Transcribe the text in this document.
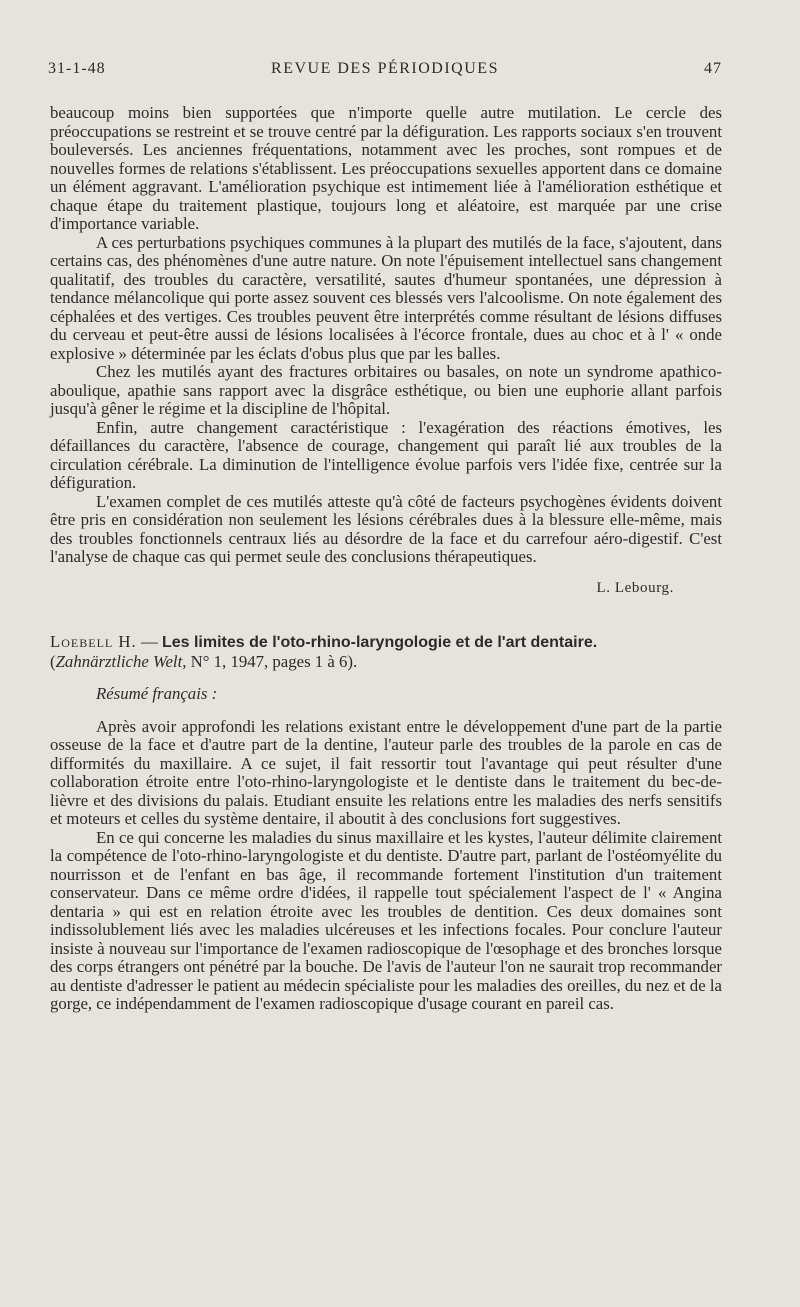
31-1-48	REVUE DES PÉRIODIQUES	47

beaucoup moins bien supportées que n'importe quelle autre mutilation. Le cercle des préoccupations se restreint et se trouve centré par la défiguration. Les rapports sociaux s'en trouvent bouleversés. Les anciennes fréquentations, notamment avec les proches, sont rompues et de nouvelles formes de relations s'établissent. Les préoccupations sexuelles apportent dans ce domaine un élément aggravant. L'amélioration psychique est intimement liée à l'amélioration esthétique et chaque étape du traitement plastique, toujours long et aléatoire, est marquée par une crise d'importance variable.

A ces perturbations psychiques communes à la plupart des mutilés de la face, s'ajoutent, dans certains cas, des phénomènes d'une autre nature. On note l'épuisement intellectuel sans changement qualitatif, des troubles du caractère, versatilité, sautes d'humeur spontanées, une dépression à tendance mélancolique qui porte assez souvent ces blessés vers l'alcoolisme. On note également des céphalées et des vertiges. Ces troubles peuvent être interprétés comme résultant de lésions diffuses du cerveau et peut-être aussi de lésions localisées à l'écorce frontale, dues au choc et à l' « onde explosive » déterminée par les éclats d'obus plus que par les balles.

Chez les mutilés ayant des fractures orbitaires ou basales, on note un syndrome apathico-aboulique, apathie sans rapport avec la disgrâce esthétique, ou bien une euphorie allant parfois jusqu'à gêner le régime et la discipline de l'hôpital.

Enfin, autre changement caractéristique : l'exagération des réactions émotives, les défaillances du caractère, l'absence de courage, changement qui paraît lié aux troubles de la circulation cérébrale. La diminution de l'intelligence évolue parfois vers l'idée fixe, centrée sur la défiguration.

L'examen complet de ces mutilés atteste qu'à côté de facteurs psychogènes évidents doivent être pris en considération non seulement les lésions cérébrales dues à la blessure elle-même, mais des troubles fonctionnels centraux liés au désordre de la face et du carrefour aéro-digestif. C'est l'analyse de chaque cas qui permet seule des conclusions thérapeutiques.

L. Lebourg.

Loebell H. — Les limites de l'oto-rhino-laryngologie et de l'art dentaire.
(Zahnärztliche Welt, N° 1, 1947, pages 1 à 6).

Résumé français :

Après avoir approfondi les relations existant entre le développement d'une part de la partie osseuse de la face et d'autre part de la dentine, l'auteur parle des troubles de la parole en cas de difformités du maxillaire. A ce sujet, il fait ressortir tout l'avantage qui peut résulter d'une collaboration étroite entre l'oto-rhino-laryngologiste et le dentiste dans le traitement du bec-de-lièvre et des divisions du palais. Etudiant ensuite les relations entre les maladies des nerfs sensitifs et moteurs et celles du système dentaire, il aboutit à des conclusions fort suggestives.

En ce qui concerne les maladies du sinus maxillaire et les kystes, l'auteur délimite clairement la compétence de l'oto-rhino-laryngologiste et du dentiste. D'autre part, parlant de l'ostéomyélite du nourrisson et de l'enfant en bas âge, il recommande fortement l'institution d'un traitement conservateur. Dans ce même ordre d'idées, il rappelle tout spécialement l'aspect de l' « Angina dentaria » qui est en relation étroite avec les troubles de dentition. Ces deux domaines sont indissolublement liés avec les maladies ulcéreuses et les infections focales. Pour conclure l'auteur insiste à nouveau sur l'importance de l'examen radioscopique de l'œsophage et des bronches lorsque des corps étrangers ont pénétré par la bouche. De l'avis de l'auteur l'on ne saurait trop recommander au dentiste d'adresser le patient au médecin spécialiste pour les maladies des oreilles, du nez et de la gorge, ce indépendamment de l'examen radioscopique d'usage courant en pareil cas.
